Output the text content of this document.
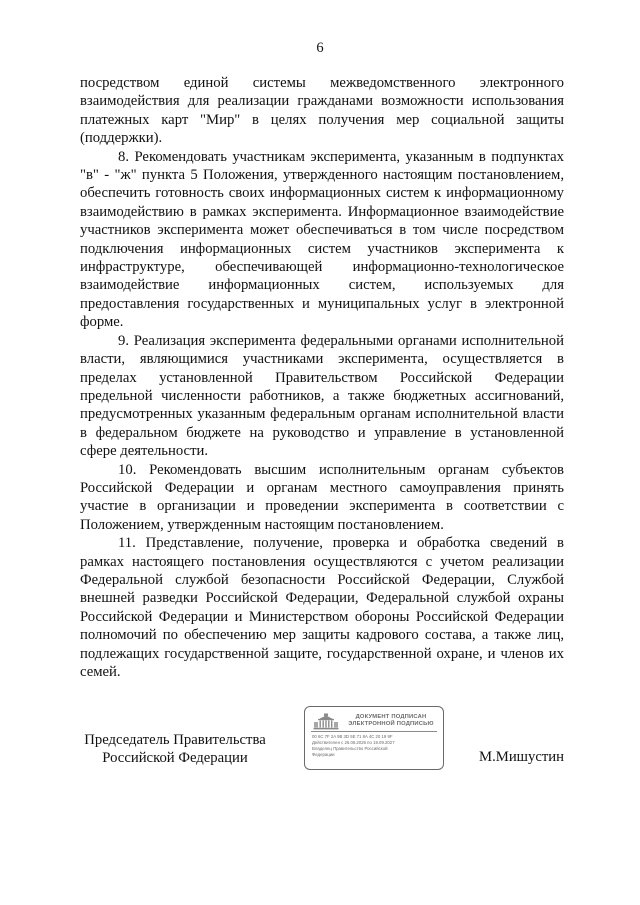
6

посредством единой системы межведомственного электронного взаимодействия для реализации гражданами возможности использования платежных карт "Мир" в целях получения мер социальной защиты (поддержки).

8. Рекомендовать участникам эксперимента, указанным в подпунктах "в" - "ж" пункта 5 Положения, утвержденного настоящим постановлением, обеспечить готовность своих информационных систем к информационному взаимодействию в рамках эксперимента. Информационное взаимодействие участников эксперимента может обеспечиваться в том числе посредством подключения информационных систем участников эксперимента к инфраструктуре, обеспечивающей информационно-технологическое взаимодействие информационных систем, используемых для предоставления государственных и муниципальных услуг в электронной форме.

9. Реализация эксперимента федеральными органами исполнительной власти, являющимися участниками эксперимента, осуществляется в пределах установленной Правительством Российской Федерации предельной численности работников, а также бюджетных ассигнований, предусмотренных указанным федеральным органам исполнительной власти в федеральном бюджете на руководство и управление в установленной сфере деятельности.

10. Рекомендовать высшим исполнительным органам субъектов Российской Федерации и органам местного самоуправления принять участие в организации и проведении эксперимента в соответствии с Положением, утвержденным настоящим постановлением.

11. Представление, получение, проверка и обработка сведений в рамках настоящего постановления осуществляются с учетом реализации Федеральной службой безопасности Российской Федерации, Службой внешней разведки Российской Федерации, Федеральной службой охраны Российской Федерации и Министерством обороны Российской Федерации полномочий по обеспечению мер защиты кадрового состава, а также лиц, подлежащих государственной защите, государственной охране, и членов их семей.

Председатель Правительства
Российской Федерации
ДОКУМЕНТ ПОДПИСАН
ЭЛЕКТРОННОЙ ПОДПИСЬЮ
00 6C 7F 2A 9B 3D 5E 71 8A 4C 20 19 9F
Действителен с 26.06.2026 по 19.09.2027
Владелец Правительство Российской
Федерации	М.Мишустин
